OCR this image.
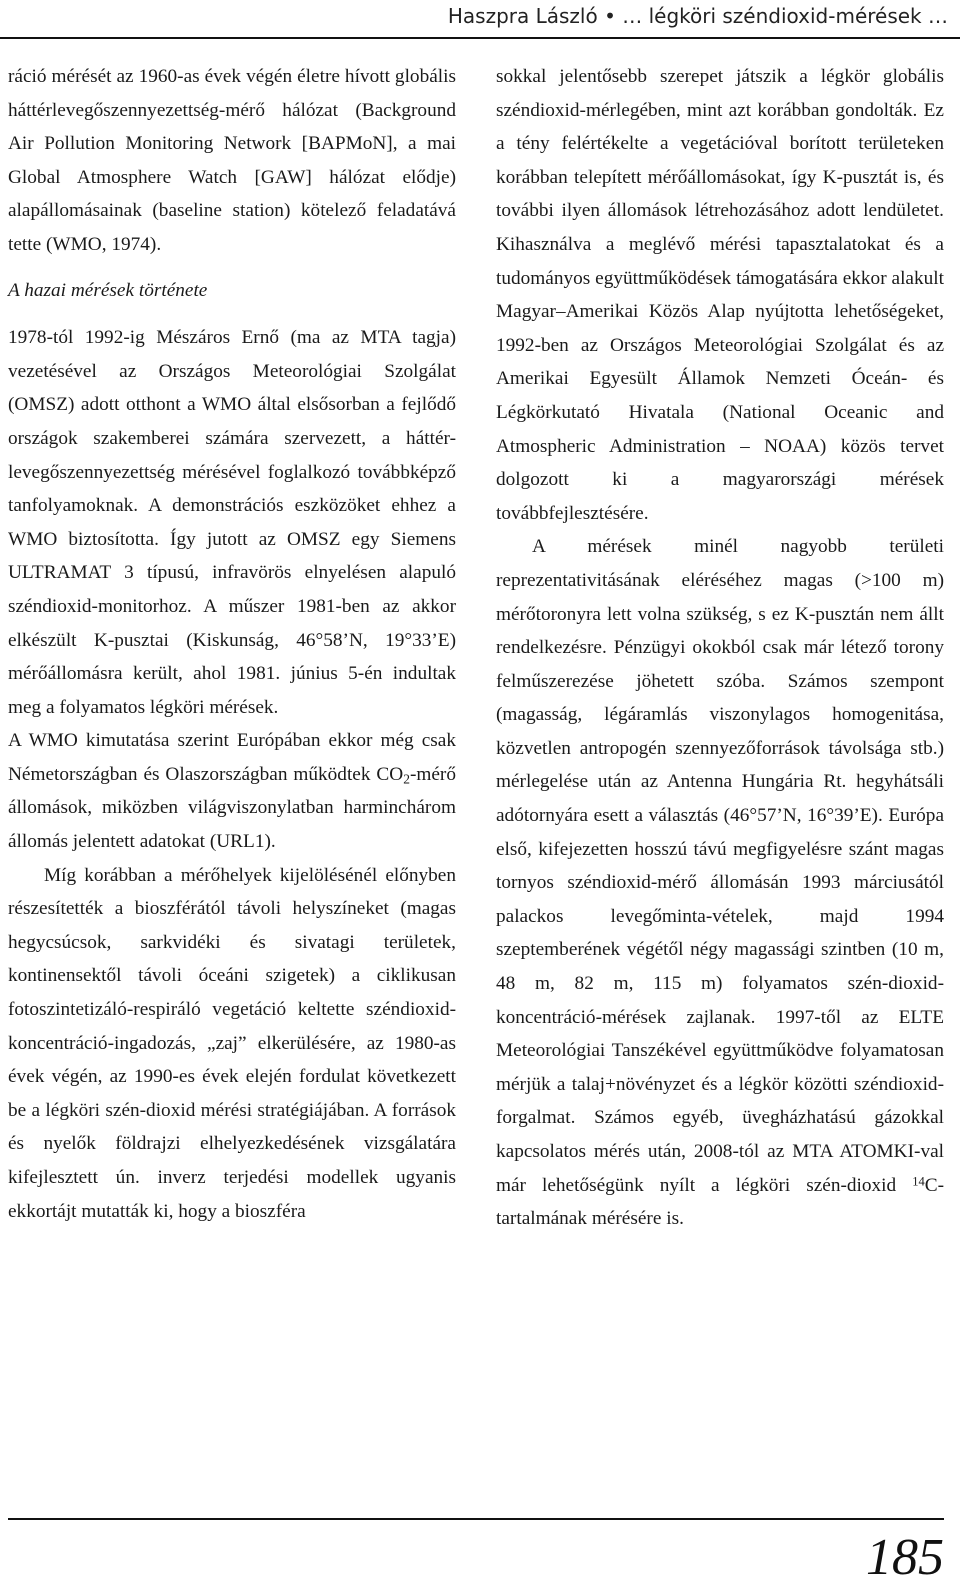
Haszpra László • … légköri széndioxid-mérések …

ráció mérését az 1960-as évek végén életre hívott globális háttérlevegőszennyezettség-mérő hálózat (Background Air Pollution Monitoring Network [BAPMoN], a mai Global Atmosphere Watch [GAW] hálózat elődje) alapállomásainak (baseline station) kötelező feladatává tette (WMO, 1974).

A hazai mérések története

1978-tól 1992-ig Mészáros Ernő (ma az MTA tagja) vezetésével az Országos Meteorológiai Szolgálat (OMSZ) adott otthont a WMO által elsősorban a fejlődő országok szakemberei számára szervezett, a háttér-levegőszennyezettség mérésével foglalkozó továbbképző tanfolyamoknak. A demonstrációs eszközöket ehhez a WMO biztosította. Így jutott az OMSZ egy Siemens ULTRAMAT 3 típusú, infravörös elnyelésen alapuló széndioxid-monitorhoz. A műszer 1981-ben az akkor elkészült K-pusztai (Kiskunság, 46°58’N, 19°33’E) mérőállomásra került, ahol 1981. június 5-én indultak meg a folyamatos légköri mérések.

A WMO kimutatása szerint Európában ekkor még csak Németországban és Olaszországban működtek $CO_2$-mérő állomások, miközben világviszonylatban harminchárom állomás jelentett adatokat (URL1).

Míg korábban a mérőhelyek kijelölésénél előnyben részesítették a bioszférától távoli helyszíneket (magas hegycsúcsok, sarkvidéki és sivatagi területek, kontinensektől távoli óceáni szigetek) a ciklikusan fotoszintetizáló-respiráló vegetáció keltette széndioxid-koncentráció-ingadozás, „zaj” elkerülésére, az 1980-as évek végén, az 1990-es évek elején fordulat következett be a légköri szén-dioxid mérési stratégiájában. A források és nyelők földrajzi elhelyezkedésének vizsgálatára kifejlesztett ún. inverz terjedési modellek ugyanis ekkortájt mutatták ki, hogy a bioszféra

sokkal jelentősebb szerepet játszik a légkör globális széndioxid-mérlegében, mint azt korábban gondolták. Ez a tény felértékelte a vegetációval borított területeken korábban telepített mérőállomásokat, így K-pusztát is, és további ilyen állomások létrehozásához adott lendületet. Kihasználva a meglévő mérési tapasztalatokat és a tudományos együttműködések támogatására ekkor alakult Magyar–Amerikai Közös Alap nyújtotta lehetőségeket, 1992-ben az Országos Meteorológiai Szolgálat és az Amerikai Egyesült Államok Nemzeti Óceán- és Légkörkutató Hivatala (National Oceanic and Atmospheric Administration – NOAA) közös tervet dolgozott ki a magyarországi mérések továbbfejlesztésére.

A mérések minél nagyobb területi reprezentativitásának eléréséhez magas (>100 m) mérőtoronyra lett volna szükség, s ez K-pusztán nem állt rendelkezésre. Pénzügyi okokból csak már létező torony felműszerezése jöhetett szóba. Számos szempont (magasság, légáramlás viszonylagos homogenitása, közvetlen antropogén szennyezőforrások távolsága stb.) mérlegelése után az Antenna Hungária Rt. hegyhátsáli adótornyára esett a választás (46°57’N, 16°39’E). Európa első, kifejezetten hosszú távú megfigyelésre szánt magas tornyos széndioxid-mérő állomásán 1993 márciusától palackos levegőminta-vételek, majd 1994 szeptemberének végétől négy magassági szintben (10 m, 48 m, 82 m, 115 m) folyamatos szén-dioxid-koncentráció-mérések zajlanak. 1997-től az ELTE Meteorológiai Tanszékével együttműködve folyamatosan mérjük a talaj+növényzet és a légkör közötti széndioxid-forgalmat. Számos egyéb, üvegházhatású gázokkal kapcsolatos mérés után, 2008-tól az MTA ATOMKI-val már lehetőségünk nyílt a légköri szén-dioxid $^{14}$C-tartalmának mérésére is.

185
